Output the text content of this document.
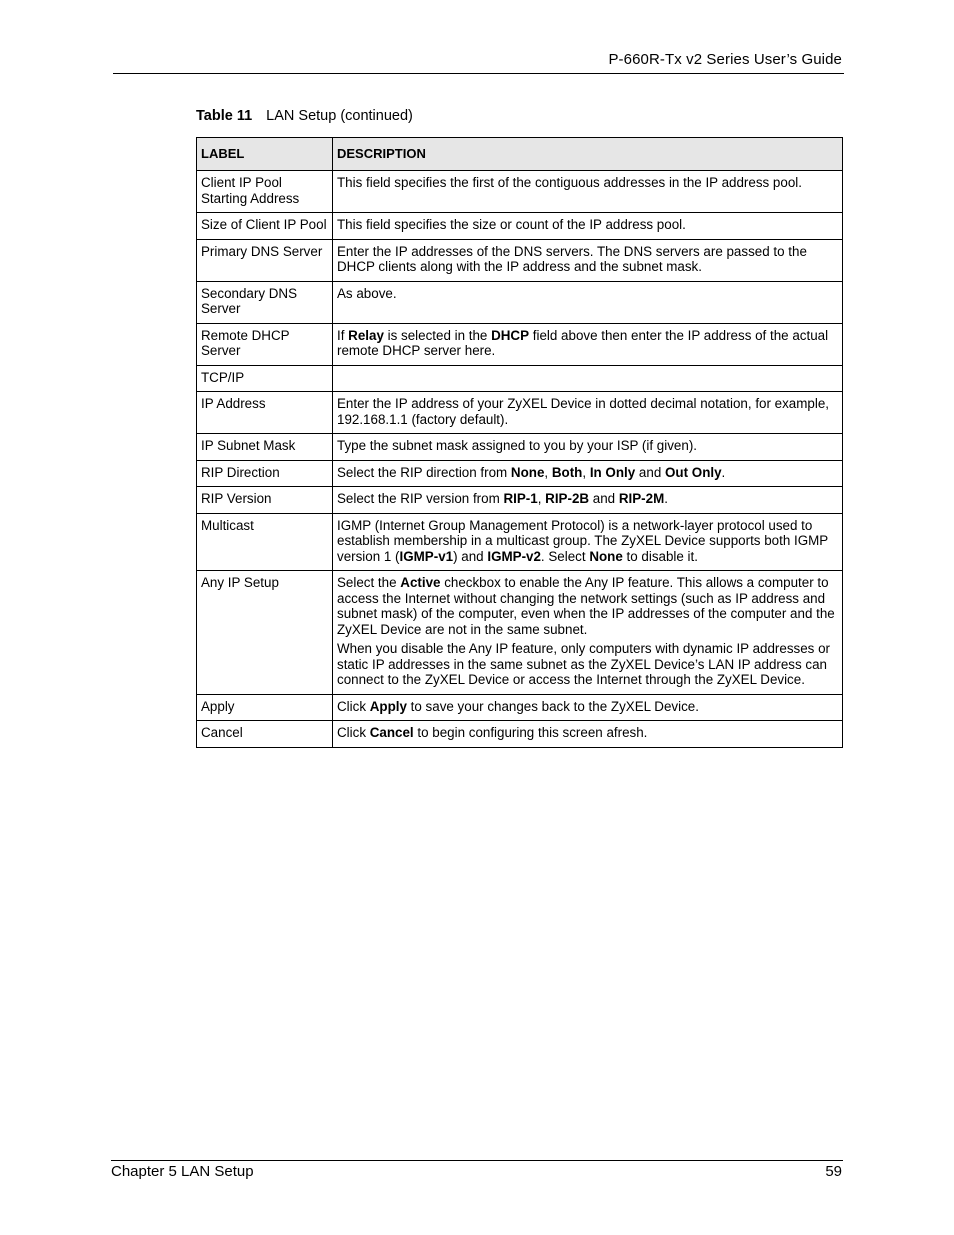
P-660R-Tx v2 Series User’s Guide
Table 11 LAN Setup (continued)
LABEL	DESCRIPTION
Client IP Pool Starting Address	This field specifies the first of the contiguous addresses in the IP address pool.

Size of Client IP Pool	This field specifies the size or count of the IP address pool.

Primary DNS Server	Enter the IP addresses of the DNS servers. The DNS servers are passed to the DHCP clients along with the IP address and the subnet mask.

Secondary DNS Server	As above.

Remote DHCP Server	If Relay is selected in the DHCP field above then enter the IP address of the actual remote DHCP server here.

TCP/IP	
IP Address	Enter the IP address of your ZyXEL Device in dotted decimal notation, for example, 192.168.1.1 (factory default).

IP Subnet Mask	Type the subnet mask assigned to you by your ISP (if given).

RIP Direction	Select the RIP direction from None, Both, In Only and Out Only.

RIP Version	Select the RIP version from RIP-1, RIP-2B and RIP-2M.

Multicast	IGMP (Internet Group Management Protocol) is a network-layer protocol used to establish membership in a multicast group. The ZyXEL Device supports both IGMP version 1 (IGMP-v1) and IGMP-v2. Select None to disable it.

Any IP Setup	Select the Active checkbox to enable the Any IP feature. This allows a computer to access the Internet without changing the network settings (such as IP address and subnet mask) of the computer, even when the IP addresses of the computer and the ZyXEL Device are not in the same subnet.

When you disable the Any IP feature, only computers with dynamic IP addresses or static IP addresses in the same subnet as the ZyXEL Device’s LAN IP address can connect to the ZyXEL Device or access the Internet through the ZyXEL Device.

Apply	Click Apply to save your changes back to the ZyXEL Device.

Cancel	Click Cancel to begin configuring this screen afresh.

Chapter 5 LAN Setup	59
